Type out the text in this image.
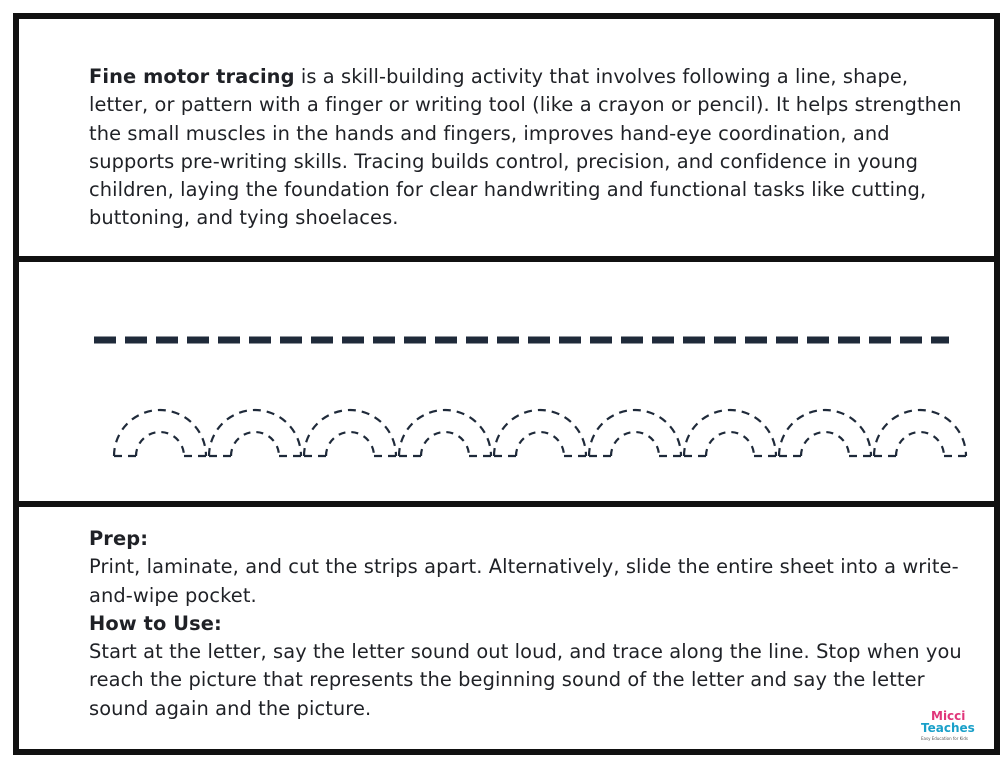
Fine motor tracing is a skill-building activity that involves following a line, shape, letter, or pattern with a finger or writing tool (like a crayon or pencil). It helps strengthen the small muscles in the hands and fingers, improves hand-eye coordination, and supports pre-writing skills. Tracing builds control, precision, and confidence in young children, laying the foundation for clear handwriting and functional tasks like cutting, buttoning, and tying shoelaces.
Prep:
Print, laminate, and cut the strips apart. Alternatively, slide the entire sheet into a write-and-wipe pocket.
How to Use:
Start at the letter, say the letter sound out loud, and trace along the line. Stop when you reach the picture that represents the beginning sound of the letter and say the letter sound again and the picture.	Micci
Teaches
Easy Education for Kids
